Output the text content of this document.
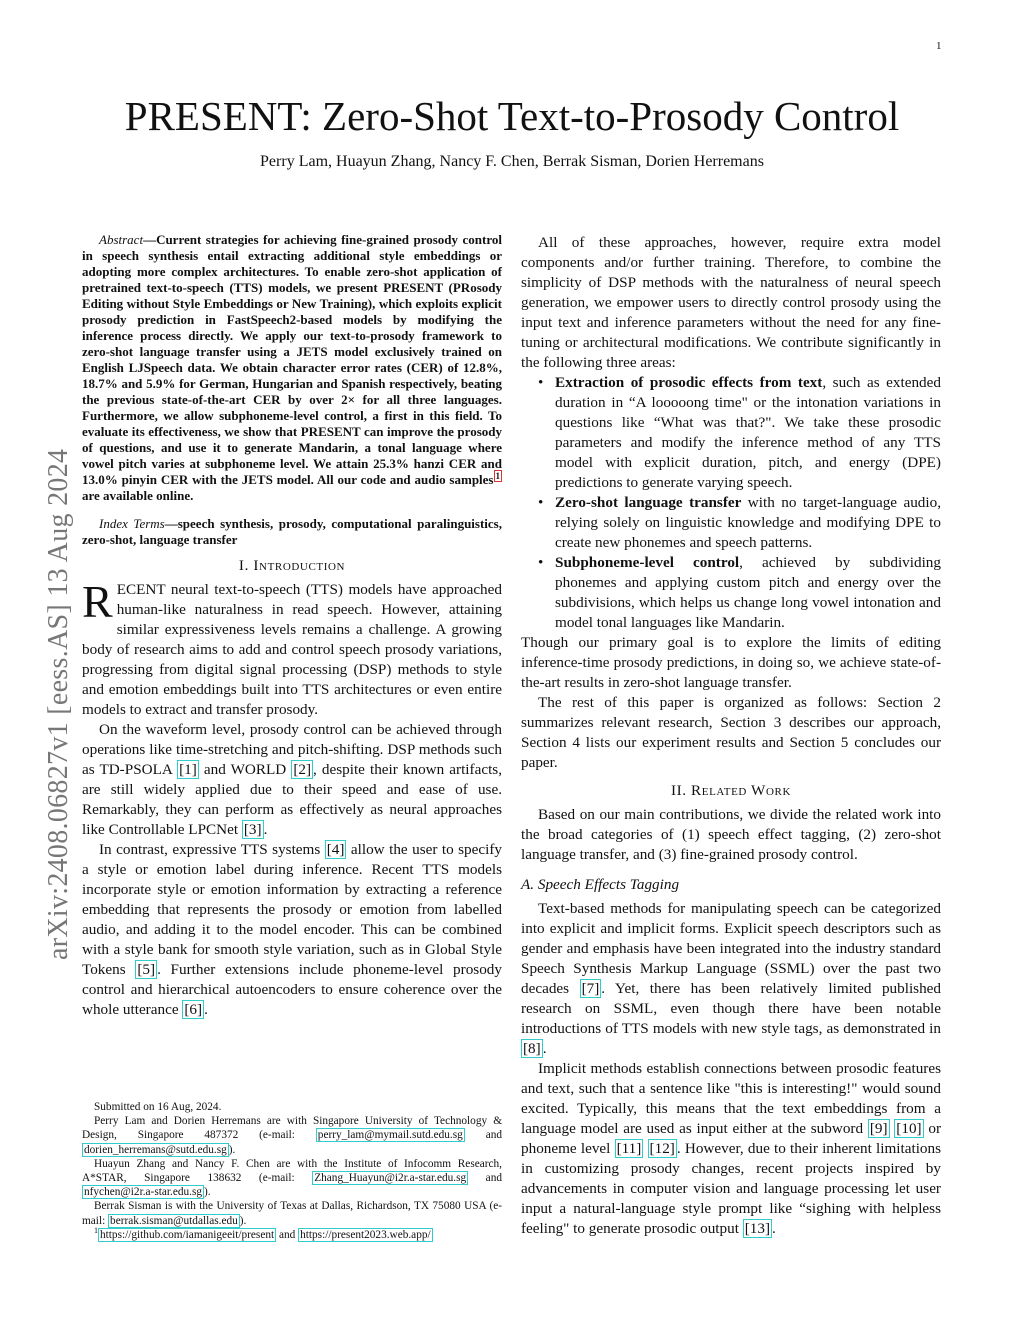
1
arXiv:2408.06827v1 [eess.AS] 13 Aug 2024
PRESENT: Zero-Shot Text-to-Prosody Control
Perry Lam, Huayun Zhang, Nancy F. Chen, Berrak Sisman, Dorien Herremans

Abstract—Current strategies for achieving fine-grained prosody control in speech synthesis entail extracting additional style embeddings or adopting more complex architectures. To enable zero-shot application of pretrained text-to-speech (TTS) models, we present PRESENT (PRosody Editing without Style Embeddings or New Training), which exploits explicit prosody prediction in FastSpeech2-based models by modifying the inference process directly. We apply our text-to-prosody framework to zero-shot language transfer using a JETS model exclusively trained on English LJSpeech data. We obtain character error rates (CER) of 12.8%, 18.7% and 5.9% for German, Hungarian and Spanish respectively, beating the previous state-of-the-art CER by over 2× for all three languages. Furthermore, we allow subphoneme-level control, a first in this field. To evaluate its effectiveness, we show that PRESENT can improve the prosody of questions, and use it to generate Mandarin, a tonal language where vowel pitch varies at subphoneme level. We attain 25.3% hanzi CER and 13.0% pinyin CER with the JETS model. All our code and audio samples $^1$ are available online.

Index Terms—speech synthesis, prosody, computational paralinguistics, zero-shot, language transfer

I. Introduction

RECENT neural text-to-speech (TTS) models have approached human-like naturalness in read speech. However, attaining similar expressiveness levels remains a challenge. A growing body of research aims to add and control speech prosody variations, progressing from digital signal processing (DSP) methods to style and emotion embeddings built into TTS architectures or even entire models to extract and transfer prosody.

On the waveform level, prosody control can be achieved through operations like time-stretching and pitch-shifting. DSP methods such as TD-PSOLA [1] and WORLD [2] , despite their known artifacts, are still widely applied due to their speed and ease of use. Remarkably, they can perform as effectively as neural approaches like Controllable LPCNet [3] .

In contrast, expressive TTS systems [4] allow the user to specify a style or emotion label during inference. Recent TTS models incorporate style or emotion information by extracting a reference embedding that represents the prosody or emotion from labelled audio, and adding it to the model encoder. This can be combined with a style bank for smooth style variation, such as in Global Style Tokens [5] . Further extensions include phoneme-level prosody control and hierarchical autoencoders to ensure coherence over the whole utterance [6] .

Submitted on 16 Aug, 2024.

Perry Lam and Dorien Herremans are with Singapore University of Technology & Design, Singapore 487372 (e-mail: perry_lam@mymail.sutd.edu.sg and dorien_herremans@sutd.edu.sg ).

Huayun Zhang and Nancy F. Chen are with the Institute of Infocomm Research, A*STAR, Singapore 138632 (e-mail: Zhang_Huayun@i2r.a-star.edu.sg and nfychen@i2r.a-star.edu.sg ).

Berrak Sisman is with the University of Texas at Dallas, Richardson, TX 75080 USA (e-mail: berrak.sisman@utdallas.edu ).

$^1$ https://github.com/iamanigeeit/present and https://present2023.web.app/

All of these approaches, however, require extra model components and/or further training. Therefore, to combine the simplicity of DSP methods with the naturalness of neural speech generation, we empower users to directly control prosody using the input text and inference parameters without the need for any fine-tuning or architectural modifications. We contribute significantly in the following three areas:

• Extraction of prosodic effects from text, such as extended duration in “A looooong time" or the intonation variations in questions like “What was that?". We take these prosodic parameters and modify the inference method of any TTS model with explicit duration, pitch, and energy (DPE) predictions to generate varying speech.
• Zero-shot language transfer with no target-language audio, relying solely on linguistic knowledge and modifying DPE to create new phonemes and speech patterns.
• Subphoneme-level control, achieved by subdividing phonemes and applying custom pitch and energy over the subdivisions, which helps us change long vowel intonation and model tonal languages like Mandarin.

Though our primary goal is to explore the limits of editing inference-time prosody predictions, in doing so, we achieve state-of-the-art results in zero-shot language transfer.

The rest of this paper is organized as follows: Section 2 summarizes relevant research, Section 3 describes our approach, Section 4 lists our experiment results and Section 5 concludes our paper.

II. Related Work

Based on our main contributions, we divide the related work into the broad categories of (1) speech effect tagging, (2) zero-shot language transfer, and (3) fine-grained prosody control.

A. Speech Effects Tagging

Text-based methods for manipulating speech can be categorized into explicit and implicit forms. Explicit speech descriptors such as gender and emphasis have been integrated into the industry standard Speech Synthesis Markup Language (SSML) over the past two decades [7] . Yet, there has been relatively limited published research on SSML, even though there have been notable introductions of TTS models with new style tags, as demonstrated in [8] .

Implicit methods establish connections between prosodic features and text, such that a sentence like "this is interesting!" would sound excited. Typically, this means that the text embeddings from a language model are used as input either at the subword [9] [10] or phoneme level [11] [12] . However, due to their inherent limitations in customizing prosody changes, recent projects inspired by advancements in computer vision and language processing let user input a natural-language style prompt like “sighing with helpless feeling" to generate prosodic output [13] .
